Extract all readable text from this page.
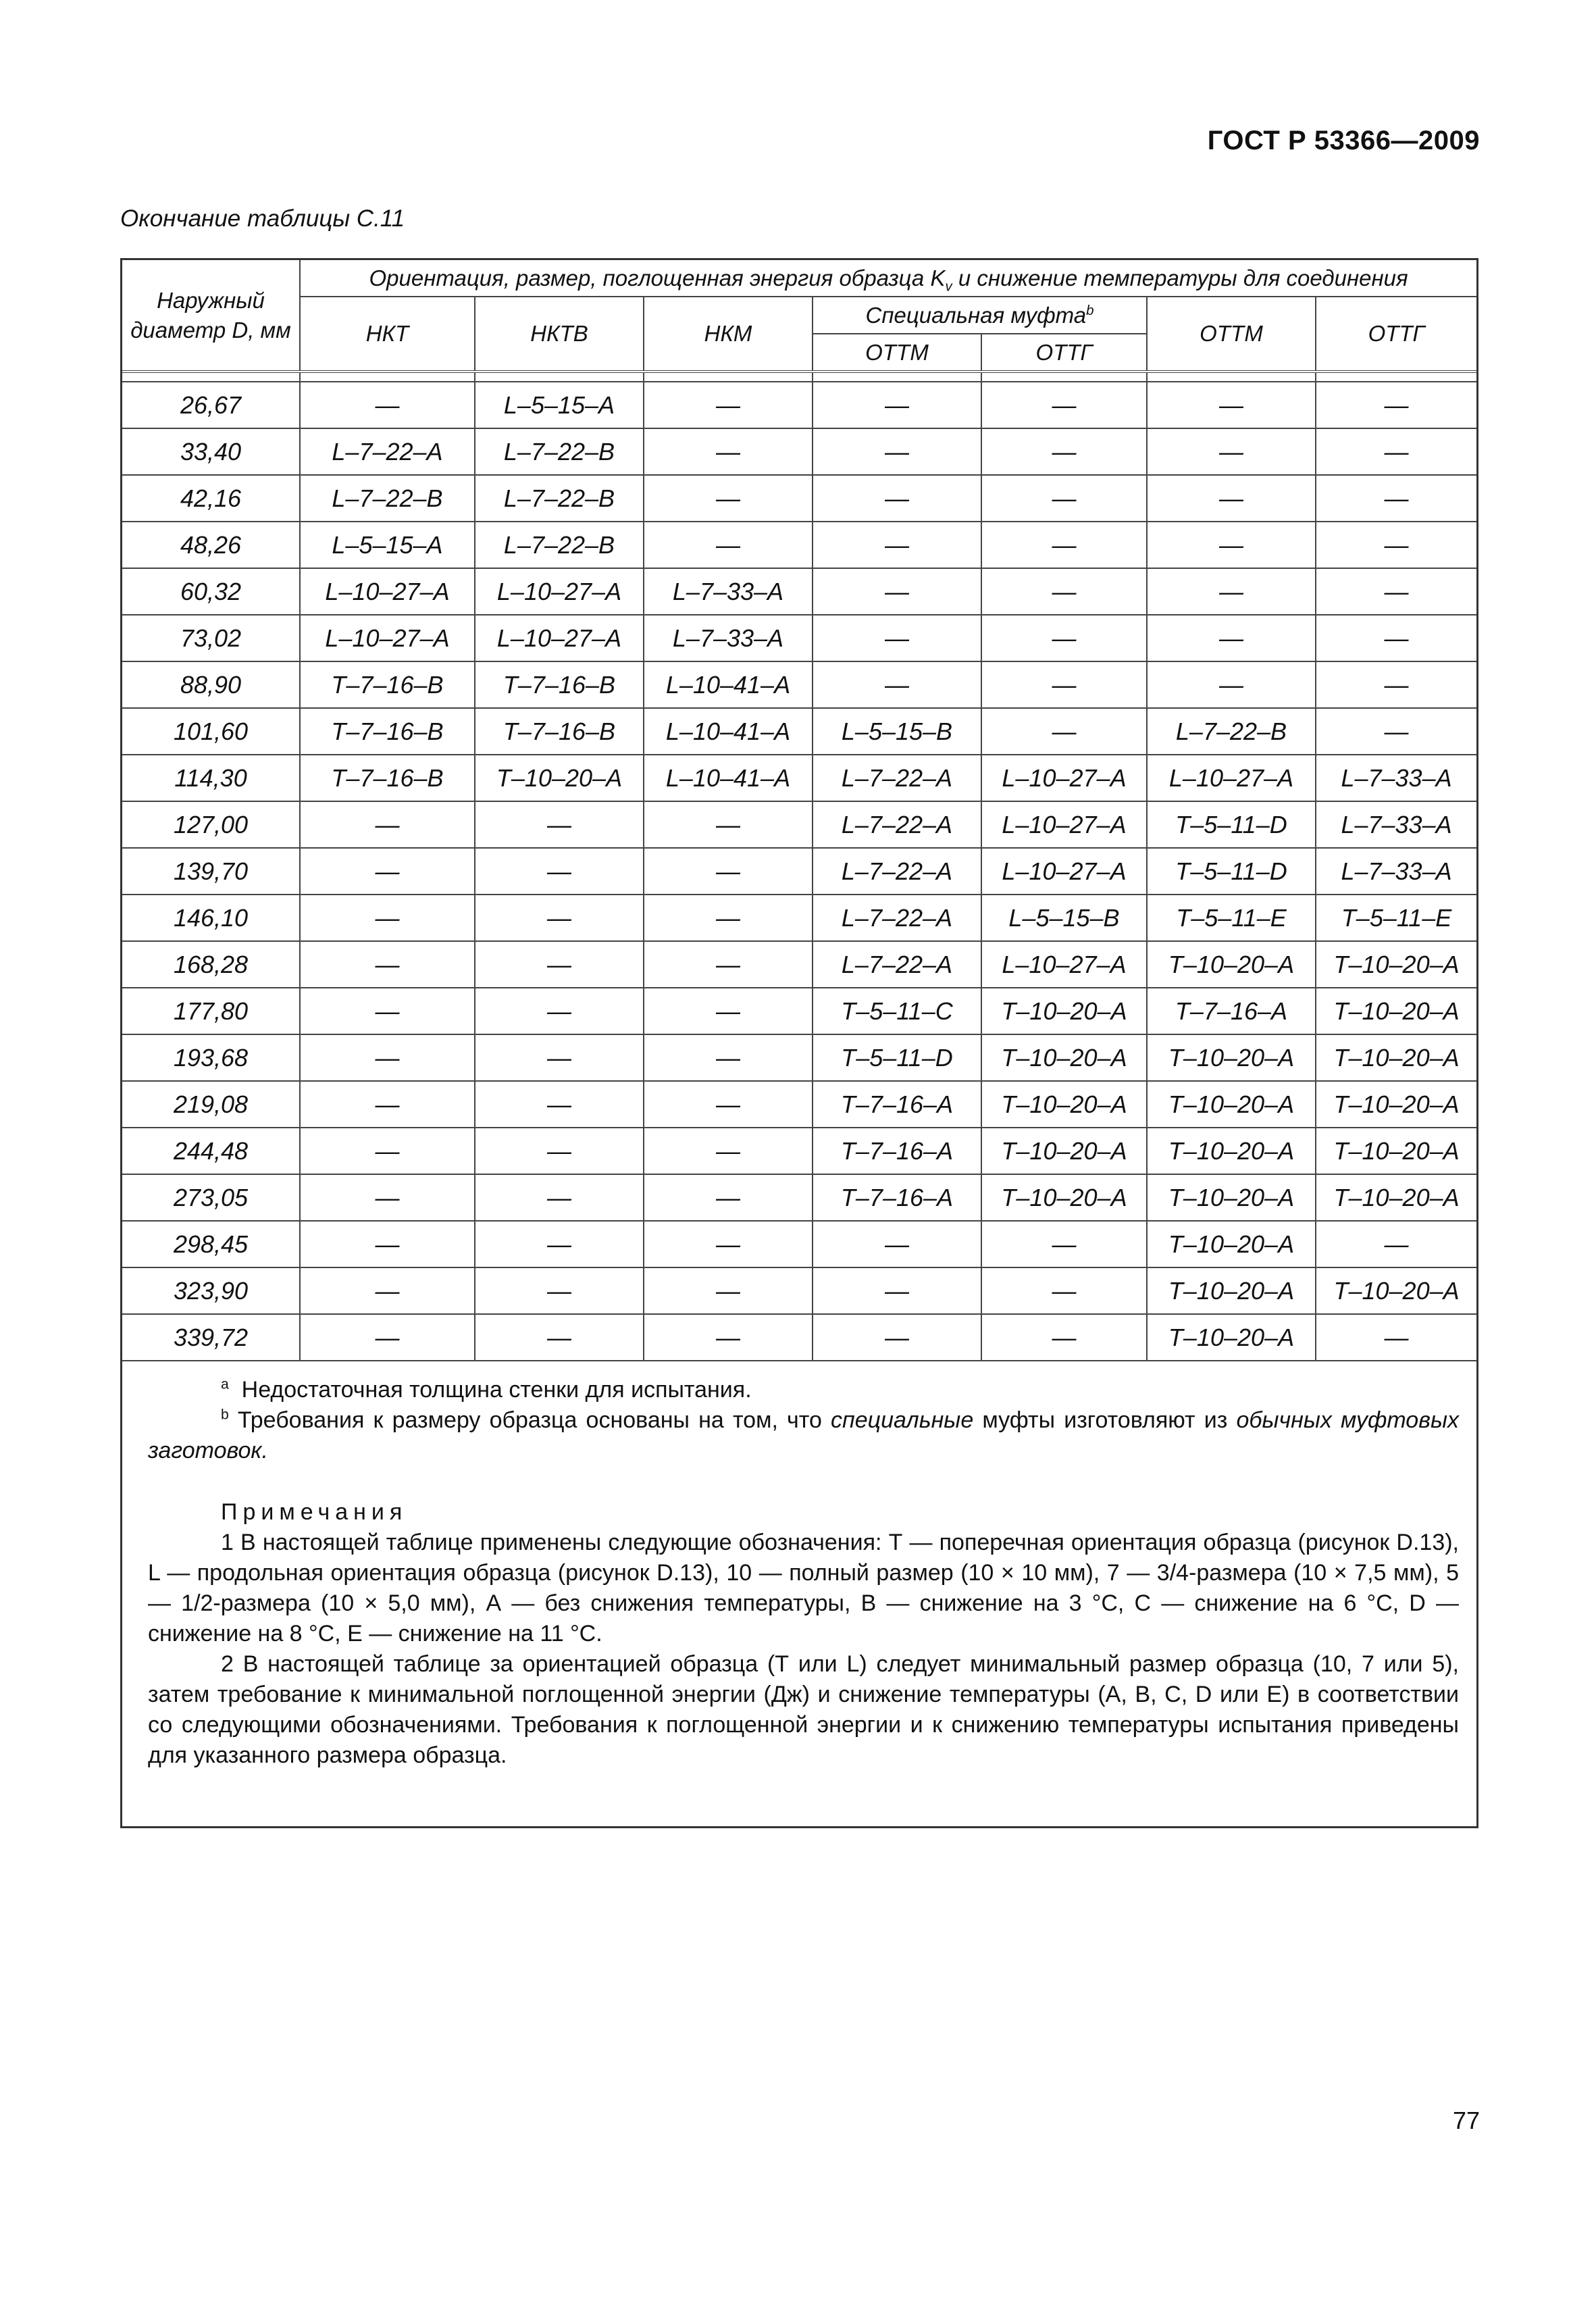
ГОСТ Р 53366—2009
Окончание таблицы С.11
Наружный диаметр D, мм	Ориентация, размер, поглощенная энергия образца $K_v$ и снижение температуры для соединения						
	НКТ	НКТВ	НКМ	Специальная муфта$^b$		ОТТМ	ОТТГ
				ОТТМ	ОТТГ		

26,67	—	L–5–15–A	—	—	—	—	—
33,40	L–7–22–A	L–7–22–B	—	—	—	—	—
42,16	L–7–22–B	L–7–22–B	—	—	—	—	—
48,26	L–5–15–A	L–7–22–B	—	—	—	—	—
60,32	L–10–27–A	L–10–27–A	L–7–33–A	—	—	—	—
73,02	L–10–27–A	L–10–27–A	L–7–33–A	—	—	—	—
88,90	T–7–16–B	T–7–16–B	L–10–41–A	—	—	—	—
101,60	T–7–16–B	T–7–16–B	L–10–41–A	L–5–15–B	—	L–7–22–B	—
114,30	T–7–16–B	T–10–20–A	L–10–41–A	L–7–22–A	L–10–27–A	L–10–27–A	L–7–33–A
127,00	—	—	—	L–7–22–A	L–10–27–A	T–5–11–D	L–7–33–A
139,70	—	—	—	L–7–22–A	L–10–27–A	T–5–11–D	L–7–33–A
146,10	—	—	—	L–7–22–A	L–5–15–B	T–5–11–E	T–5–11–E
168,28	—	—	—	L–7–22–A	L–10–27–A	T–10–20–A	T–10–20–A
177,80	—	—	—	T–5–11–C	T–10–20–A	T–7–16–A	T–10–20–A
193,68	—	—	—	T–5–11–D	T–10–20–A	T–10–20–A	T–10–20–A
219,08	—	—	—	T–7–16–A	T–10–20–A	T–10–20–A	T–10–20–A
244,48	—	—	—	T–7–16–A	T–10–20–A	T–10–20–A	T–10–20–A
273,05	—	—	—	T–7–16–A	T–10–20–A	T–10–20–A	T–10–20–A
298,45	—	—	—	—	—	T–10–20–A	—
323,90	—	—	—	—	—	T–10–20–A	T–10–20–A
339,72	—	—	—	—	—	T–10–20–A	—

$^a$ Недостаточная толщина стенки для испытания.

$^b$ Требования к размеру образца основаны на том, что специальные муфты изготовляют из обычных муфтовых заготовок.

Примечания

1 В настоящей таблице применены следующие обозначения: Т — поперечная ориентация образца (рисунок D.13), L — продольная ориентация образца (рисунок D.13), 10 — полный размер (10 × 10 мм), 7 — 3/4-размера (10 × 7,5 мм), 5 — 1/2-размера (10 × 5,0 мм), А — без снижения температуры, В — снижение на 3 °С, С — снижение на 6 °С, D — снижение на 8 °С, Е — снижение на 11 °С.

2 В настоящей таблице за ориентацией образца (Т или L) следует минимальный размер образца (10, 7 или 5), затем требование к минимальной поглощенной энергии (Дж) и снижение температуры (А, В, С, D или Е) в соответствии со следующими обозначениями. Требования к поглощенной энергии и к снижению температуры испытания приведены для указанного размера образца.

77
